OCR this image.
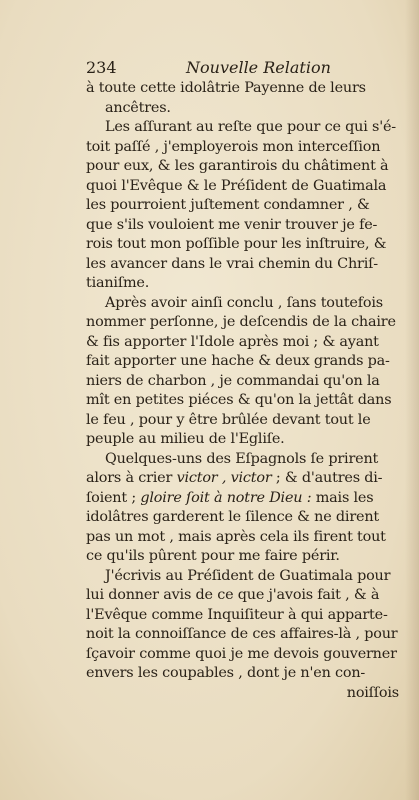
234	Nouvelle Relation
à toute cette idolâtrie Payenne de leurs
ancêtres.
Les aſſurant au reſte que pour ce qui s'é-
toit paſſé , j'employerois mon interceſſion
pour eux, & les garantirois du châtiment à
quoi l'Evêque & le Préſident de Guatimala
les pourroient juſtement condamner , &
que s'ils vouloient me venir trouver je fe-
rois tout mon poſſible pour les inſtruire, &
les avancer dans le vrai chemin du Chriſ-
tianiſme.
Après avoir ainſi conclu , ſans toutefois
nommer perſonne, je deſcendis de la chaire
& fis apporter l'Idole après moi ; & ayant
fait apporter une hache & deux grands pa-
niers de charbon , je commandai qu'on la
mît en petites piéces & qu'on la jettât dans
le feu , pour y être brûlée devant tout le
peuple au milieu de l'Egliſe.
Quelques-uns des Eſpagnols ſe prirent
alors à crier victor , victor ; & d'autres di-
ſoient ; gloire ſoit à notre Dieu : mais les
idolâtres garderent le ſilence & ne dirent
pas un mot , mais après cela ils firent tout
ce qu'ils pûrent pour me faire périr.
J'écrivis au Préſident de Guatimala pour
lui donner avis de ce que j'avois fait , & à
l'Evêque comme Inquiſiteur à qui apparte-
noit la connoiſſance de ces affaires-là , pour
ſçavoir comme quoi je me devois gouverner
envers les coupables , dont je n'en con-
noiſſois
